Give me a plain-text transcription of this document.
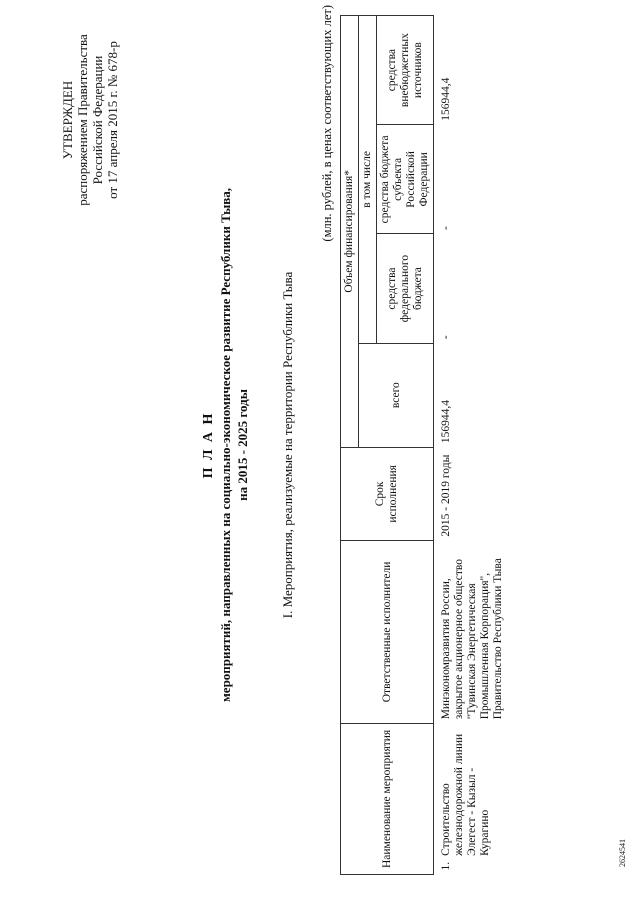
УТВЕРЖДЕН распоряжением Правительства Российской Федерации от 17 апреля 2015 г. № 678-р
П Л А Н мероприятий, направленных на социально-экономическое развитие Республики Тыва, на 2015 - 2025 годы I. Мероприятия, реализуемые на территории Республики Тыва
(млн. рублей, в ценах соответствующих лет)
Наименование мероприятия	Ответственные исполнители	Срок исполнения	Объем финансирования*			
			всего	в том числе		
				средства федерального бюджета	средства бюджета субъекта Российской Федерации	средства внебюджетных источников

1.
Строительство железнодорожной линии Элегест - Кызыл - Курагино	Минэкономразвития России, закрытое акционерное общество "Тувинская Энергетическая Промышленная Корпорация", Правительство Республики Тыва	2015 - 2019 годы	156944,4	-	-	156944,4
2624541
